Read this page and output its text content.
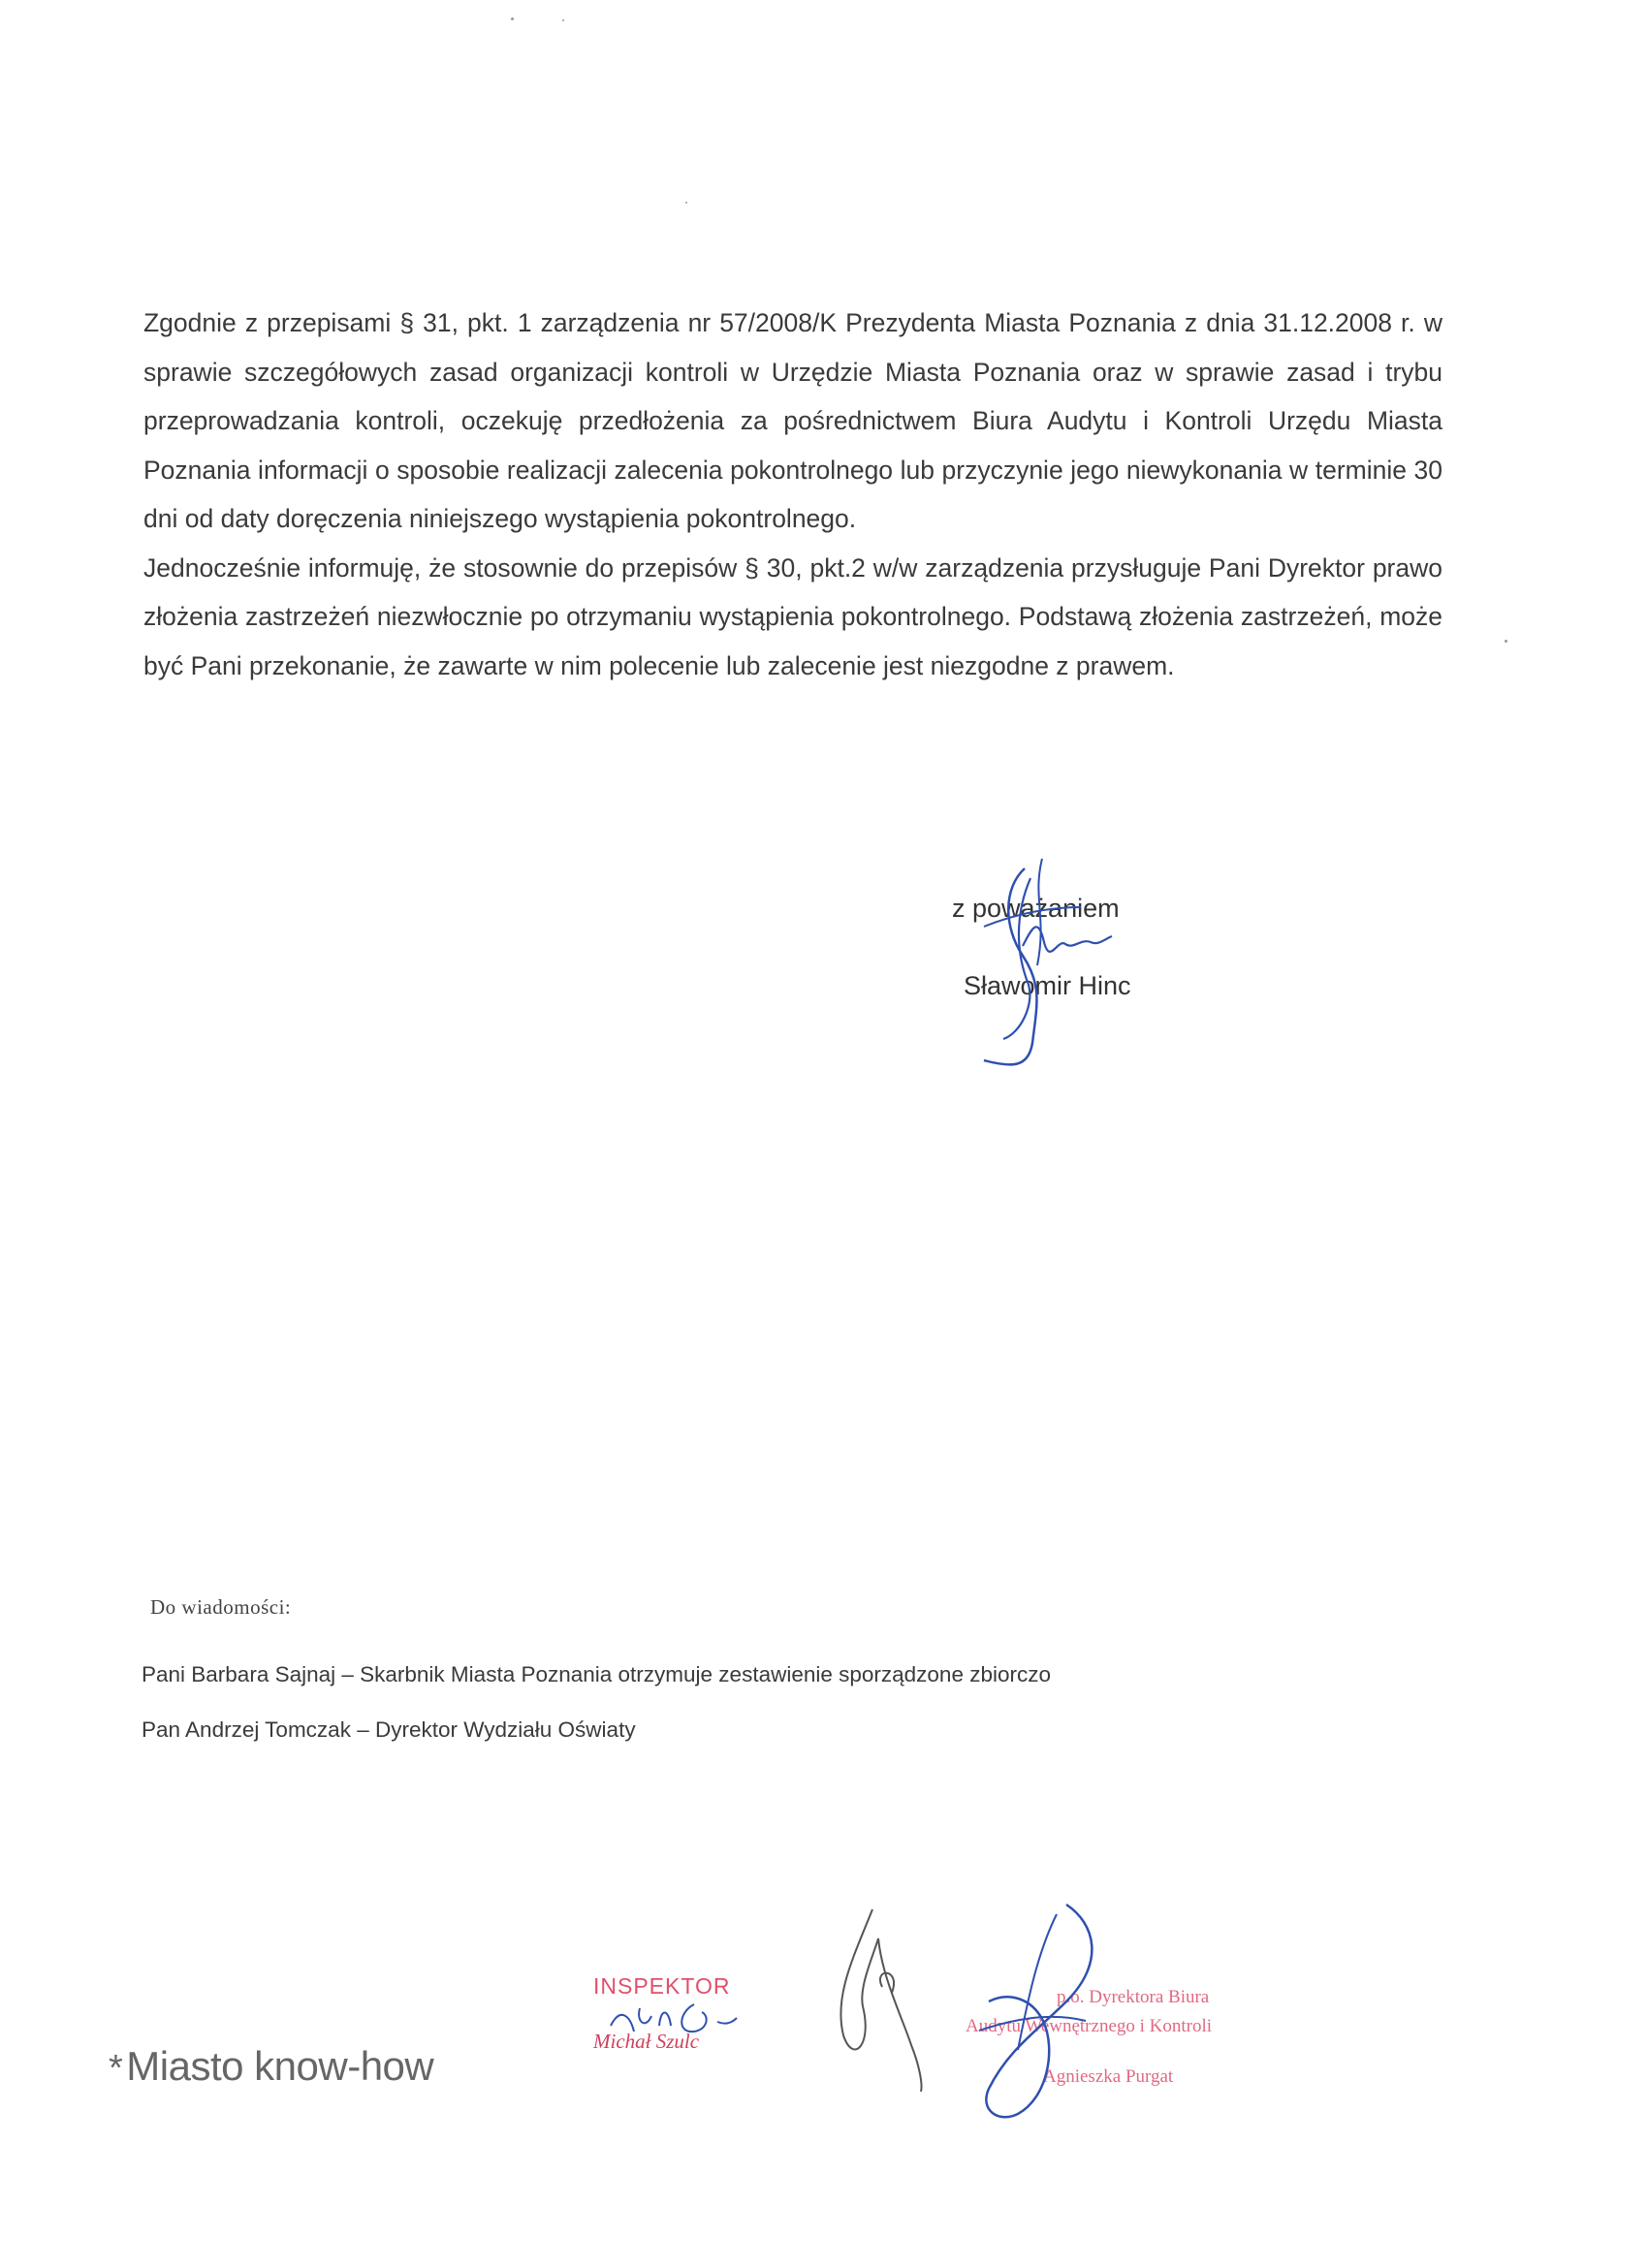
Zgodnie z przepisami § 31, pkt. 1 zarządzenia nr 57/2008/K Prezydenta Miasta Poznania z dnia 31.12.2008 r. w sprawie szczegółowych zasad organizacji kontroli w Urzędzie Miasta Poznania oraz w sprawie zasad i trybu przeprowadzania kontroli, oczekuję przedłożenia za pośrednictwem Biura Audytu i Kontroli Urzędu Miasta Poznania informacji o sposobie realizacji zalecenia pokontrolnego lub przyczynie jego niewykonania w terminie 30 dni od daty doręczenia niniejszego wystąpienia pokontrolnego.

Jednocześnie informuję, że stosownie do przepisów § 30, pkt.2 w/w zarządzenia przysługuje Pani Dyrektor prawo złożenia zastrzeżeń niezwłocznie po otrzymaniu wystąpienia pokontrolnego. Podstawą złożenia zastrzeżeń, może być Pani przekonanie, że zawarte w nim polecenie lub zalecenie jest niezgodne z prawem.

z poważaniem
Sławomir Hinc
Do wiadomości:
Pani Barbara Sajnaj – Skarbnik Miasta Poznania otrzymuje zestawienie sporządzone zbiorczo
Pan Andrzej Tomczak – Dyrektor Wydziału Oświaty
*Miasto know-how
INSPEKTOR
Michał Szulc
p.o. Dyrektora Biura
Audytu Wewnętrznego i Kontroli
Agnieszka Purgat
